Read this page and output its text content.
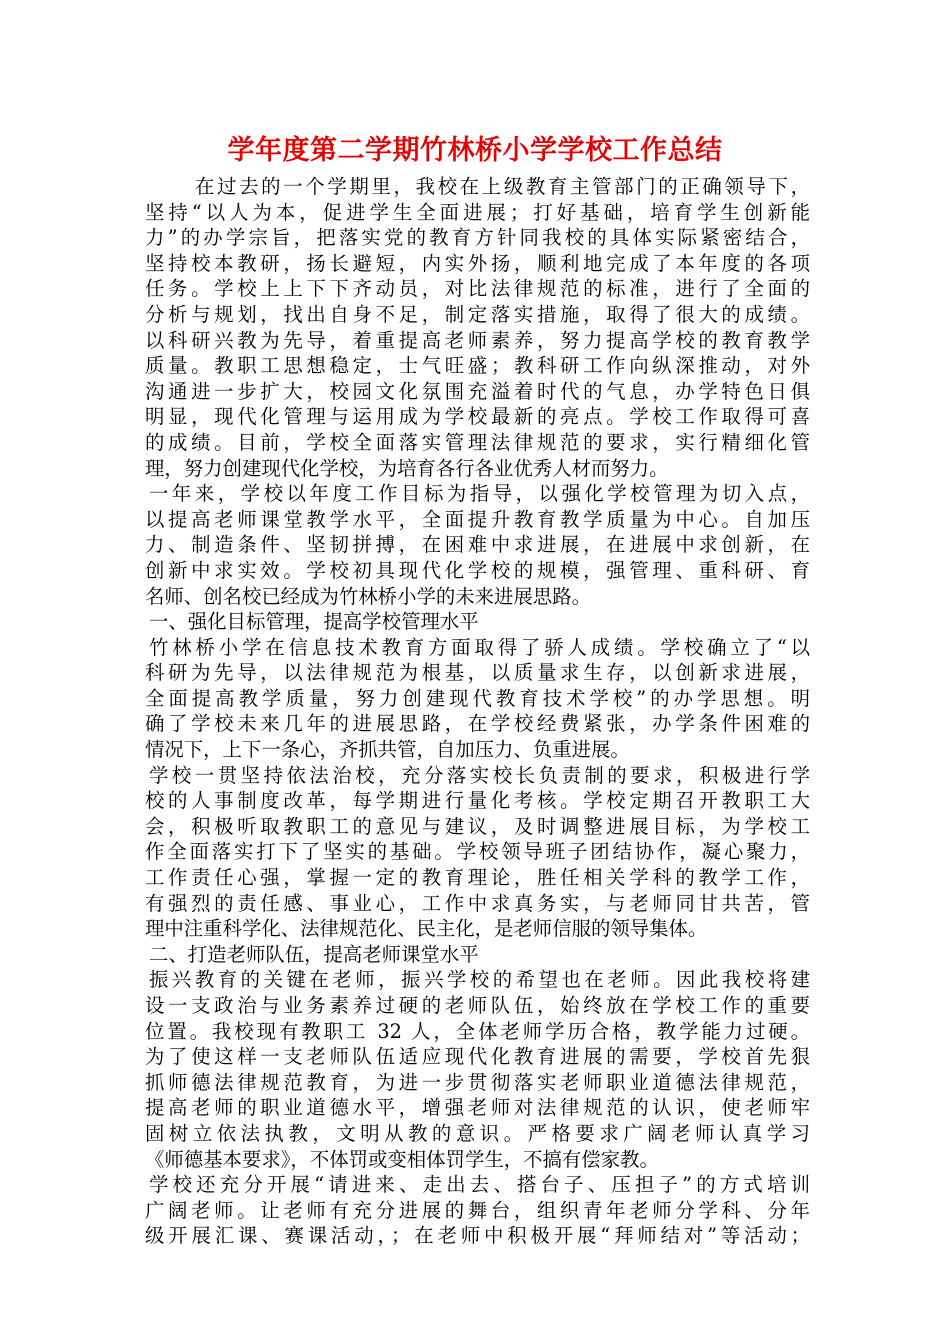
学年度第二学期竹林桥小学学校工作总结
在过去的一个学期里，我校在上级教育主管部门的正确领导下，
坚持“以人为本，促进学生全面进展；打好基础，培育学生创新能
力”的办学宗旨，把落实党的教育方针同我校的具体实际紧密结合，
坚持校本教研，扬长避短，内实外扬，顺利地完成了本年度的各项
任务。学校上上下下齐动员，对比法律规范的标准，进行了全面的
分析与规划，找出自身不足，制定落实措施，取得了很大的成绩。
以科研兴教为先导，着重提高老师素养，努力提高学校的教育教学
质量。教职工思想稳定，士气旺盛；教科研工作向纵深推动，对外
沟通进一步扩大，校园文化氛围充溢着时代的气息，办学特色日俱
明显，现代化管理与运用成为学校最新的亮点。学校工作取得可喜
的成绩。目前，学校全面落实管理法律规范的要求，实行精细化管
理，努力创建现代化学校，为培育各行各业优秀人材而努力。
一年来，学校以年度工作目标为指导，以强化学校管理为切入点，
以提高老师课堂教学水平，全面提升教育教学质量为中心。自加压
力、制造条件、坚韧拼搏，在困难中求进展，在进展中求创新，在
创新中求实效。学校初具现代化学校的规模，强管理、重科研、育
名师、创名校已经成为竹林桥小学的未来进展思路。
一、强化目标管理，提高学校管理水平
竹林桥小学在信息技术教育方面取得了骄人成绩。学校确立了“以
科研为先导，以法律规范为根基，以质量求生存，以创新求进展，
全面提高教学质量，努力创建现代教育技术学校”的办学思想。明
确了学校未来几年的进展思路，在学校经费紧张，办学条件困难的
情况下，上下一条心，齐抓共管，自加压力、负重进展。
学校一贯坚持依法治校，充分落实校长负责制的要求，积极进行学
校的人事制度改革，每学期进行量化考核。学校定期召开教职工大
会，积极听取教职工的意见与建议，及时调整进展目标，为学校工
作全面落实打下了坚实的基础。学校领导班子团结协作，凝心聚力，
工作责任心强，掌握一定的教育理论，胜任相关学科的教学工作，
有强烈的责任感、事业心，工作中求真务实，与老师同甘共苦，管
理中注重科学化、法律规范化、民主化，是老师信服的领导集体。
二、打造老师队伍，提高老师课堂水平
振兴教育的关键在老师，振兴学校的希望也在老师。因此我校将建
设一支政治与业务素养过硬的老师队伍，始终放在学校工作的重要
位置。我校现有教职工 32 人，全体老师学历合格，教学能力过硬。
为了使这样一支老师队伍适应现代化教育进展的需要，学校首先狠
抓师德法律规范教育，为进一步贯彻落实老师职业道德法律规范，
提高老师的职业道德水平，增强老师对法律规范的认识，使老师牢
固树立依法执教，文明从教的意识。严格要求广阔老师认真学习
《师德基本要求》，不体罚或变相体罚学生，不搞有偿家教。
学校还充分开展“请进来、走出去、搭台子、压担子”的方式培训
广阔老师。让老师有充分进展的舞台，组织青年老师分学科、分年
级开展汇课、赛课活动，；在老师中积极开展“拜师结对”等活动；
